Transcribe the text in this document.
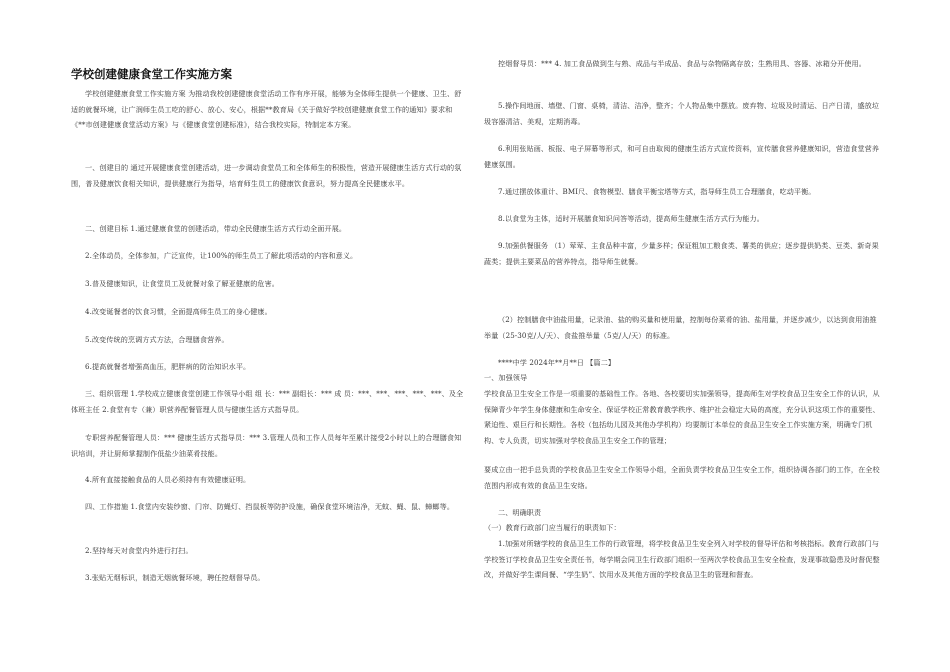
学校创建健康食堂工作实施方案

学校创建健康食堂工作实施方案 为推动我校创建健康食堂活动工作有序开展，能够为全体师生提供一个健康、卫生、舒适的就餐环境，让广润师生员工吃的舒心、放心、安心，根据**教育局《关于做好学校创建健康食堂工作的通知》要求和《**市创建健康食堂活动方案》与《健康食堂创建标准》，结合我校实际，特制定本方案。

一、创建目的 通过开展健康食堂创建活动，进一步调动食堂员工和全体师生的积极性，营造开展健康生活方式行动的氛围，普及健康饮食相关知识，提供健康行为指导，培育师生员工的健康饮食意识，努力提高全民健康水平。

二、创建目标 1.通过健康食堂的创建活动，带动全民健康生活方式行动全面开展。

2.全体动员，全体参加，广泛宣传，让100%的师生员工了解此项活动的内容和意义。

3.普及健康知识，让食堂员工及就餐对象了解亚健康的危害。

4.改变诞餐者的饮食习惯，全面提高师生员工的身心健康。

5.改变传统的烹调方式方法，合理膳食营养。

6.提高就餐者增强高血压，肥胖病的防治知识水平。

三、组织管理 1.学校成立健康食堂创建工作领导小组 组 长：*** 副组长：*** 成 员：***、***、***、***、***、及全体班主任 2.食堂有专（兼）职营养配餐管理人员与健康生活方式指导员。

专职营养配餐管理人员：*** 健康生活方式指导员：*** 3.管理人员和工作人员每年至累计接受2小时以上的合理膳食知识培训，并让厨师掌握制作低盐少油菜肴技能。

4.所有直接接触食品的人员必须持有有效健康证明。

四、工作措施 1.食堂内安装纱窗、门帘、防蝇灯、挡鼠板等防护设施，确保食堂环境洁净，无蚊、蝇、鼠、蟑螂等。

2.坚持每天对食堂内外进行打扫。

3.张贴无烟标识，制造无烟就餐环境，聘任控烟督导员。

控烟督导员：*** 4. 加工食品做到生与熟、成品与半成品、食品与杂物隔离存放；生熟用具、容器、冰箱分开使用。

5.操作间地面、墙壁、门窗、桌椅，清洁、洁净，整齐；个人物品集中摆放。废弃物、垃圾及时清运、日产日清，盛放垃圾容器清洁、美观，定期消毒。

6.利用张贴画、板报、电子屏幕等形式，和可自由取阅的健康生活方式宣传资料，宣传膳食营养健康知识，营造食堂营养健康氛围。

7.通过摆放体重计、BMI尺、食物模型、膳食平衡宝塔等方式，指导师生员工合理膳食，吃动平衡。

8.以食堂为主体，适时开展膳食知识问答等活动，提高师生健康生活方式行为能力。

9.加强供餐服务 （1）荤荤、主食品种丰富，少量多样；保证粗加工粮食类、薯类的供应；逐步提供奶类、豆类、新奇果蔬类；提供主要菜品的营养特点，指导师生就餐。

（2）控制膳食中油盐用量，记录油、盐的购买量和使用量，控制每份菜肴的油、盐用量，并逐步减少，以达到食用油推举量（25-30克/人/天）、食盐推举量（5克/人/天）的标准。

****中学 2024年**月**日 【篇二】

一、加强领导

学校食品卫生安全工作是一项重要的基础性工作。各地、各校要切实加强领导，提高师生对学校食品卫生安全工作的认识，从保障青少年学生身体健康和生命安全、保证学校正常教育教学秩序、维护社会稳定大局的高度，充分认识这项工作的重要性、紧迫性、艰巨行和长期性。各校（包括幼儿园及其他办学机构）均要制订本单位的食品卫生安全工作实施方案，明确专门机构、专人负责，切实加强对学校食品卫生安全工作的管理；

要成立由一把手总负责的学校食品卫生安全工作领导小组，全面负责学校食品卫生安全工作，组织协调各部门的工作，在全校范围内形成有效的食品卫生安络。

二、明确职责

（一）教育行政部门应当履行的职责如下：

1.加强对所辖学校的食品卫生工作的行政管理，将学校食品卫生安全列入对学校的督导评估和考核指标。教育行政部门与学校签订学校食品卫生安全责任书，每学期会同卫生行政部门组织一至两次学校食品卫生安全检查，发现事故隐患及时督促整改，并做好学生课间餐、“学生奶”、饮用水及其他方面的学校食品卫生的管理和督查。
